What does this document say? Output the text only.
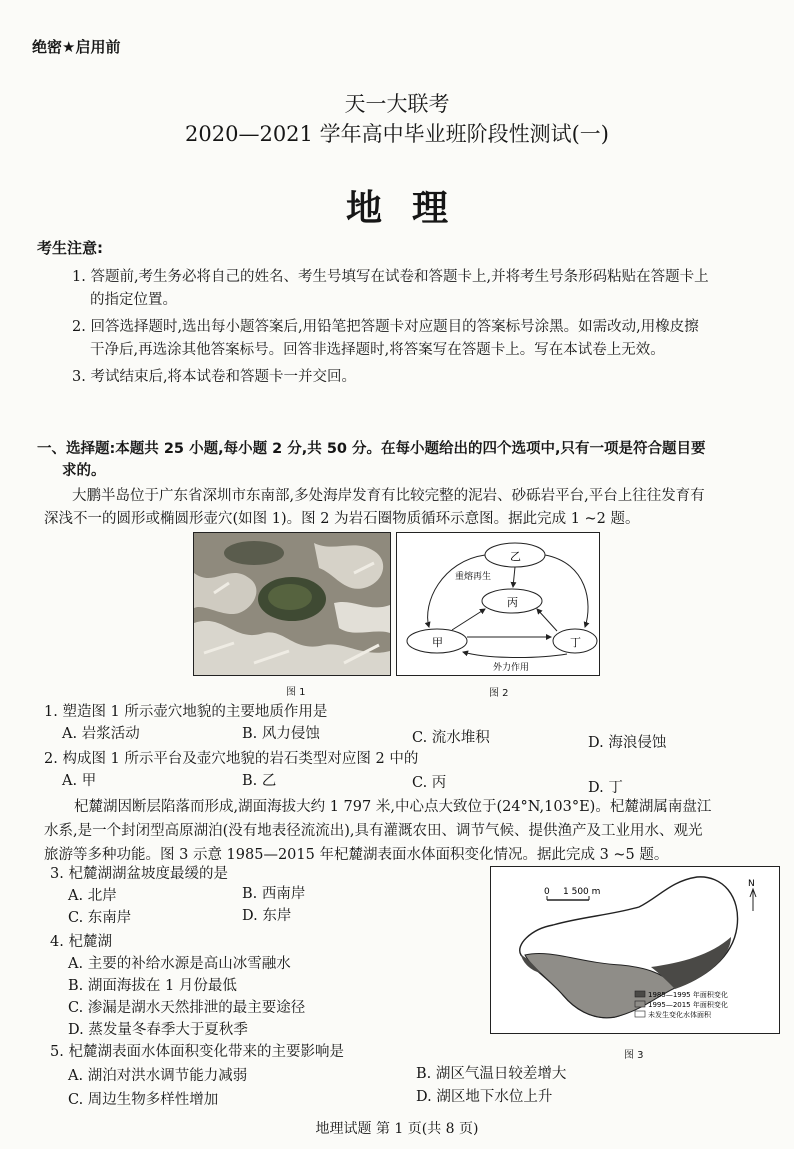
绝密★启用前
天一大联考
2020—2021 学年高中毕业班阶段性测试(一)
地理
考生注意:
1. 答题前,考生务必将自己的姓名、考生号填写在试卷和答题卡上,并将考生号条形码粘贴在答题卡上
的指定位置。
2. 回答选择题时,选出每小题答案后,用铅笔把答题卡对应题目的答案标号涂黑。如需改动,用橡皮擦
干净后,再选涂其他答案标号。回答非选择题时,将答案写在答题卡上。写在本试卷上无效。
3. 考试结束后,将本试卷和答题卡一并交回。
一、选择题:本题共 25 小题,每小题 2 分,共 50 分。在每小题给出的四个选项中,只有一项是符合题目要
求的。
大鹏半岛位于广东省深圳市东南部,多处海岸发育有比较完整的泥岩、砂砾岩平台,平台上往往发育有
深浅不一的圆形或椭圆形壶穴(如图 1)。图 2 为岩石圈物质循环示意图。据此完成 1 ~2 题。
图 1
乙
丙
甲	丁
重熔再生
外力作用
图 2
1. 塑造图 1 所示壶穴地貌的主要地质作用是
A. 岩浆活动	B. 风力侵蚀	C. 流水堆积	D. 海浪侵蚀
2. 构成图 1 所示平台及壶穴地貌的岩石类型对应图 2 中的
A. 甲	B. 乙	C. 丙	D. 丁
杞麓湖因断层陷落而形成,湖面海拔大约 1 797 米,中心点大致位于(24°N,103°E)。杞麓湖属南盘江
水系,是一个封闭型高原湖泊(没有地表径流流出),具有灌溉农田、调节气候、提供渔产及工业用水、观光
旅游等多种功能。图 3 示意 1985—2015 年杞麓湖表面水体面积变化情况。据此完成 3 ~5 题。
3. 杞麓湖湖盆坡度最缓的是
A. 北岸	B. 西南岸
C. 东南岸	D. 东岸
4. 杞麓湖
A. 主要的补给水源是高山冰雪融水
B. 湖面海拔在 1 月份最低
C. 渗漏是湖水天然排泄的最主要途径
D. 蒸发量冬春季大于夏秋季
5. 杞麓湖表面水体面积变化带来的主要影响是
A. 湖泊对洪水调节能力减弱	B. 湖区气温日较差增大
C. 周边生物多样性增加	D. 湖区地下水位上升
0 1 500 m
N
1985—1995 年面积变化
1995—2015 年面积变化
未发生变化水体面积
图 3
地理试题 第 1 页(共 8 页)
